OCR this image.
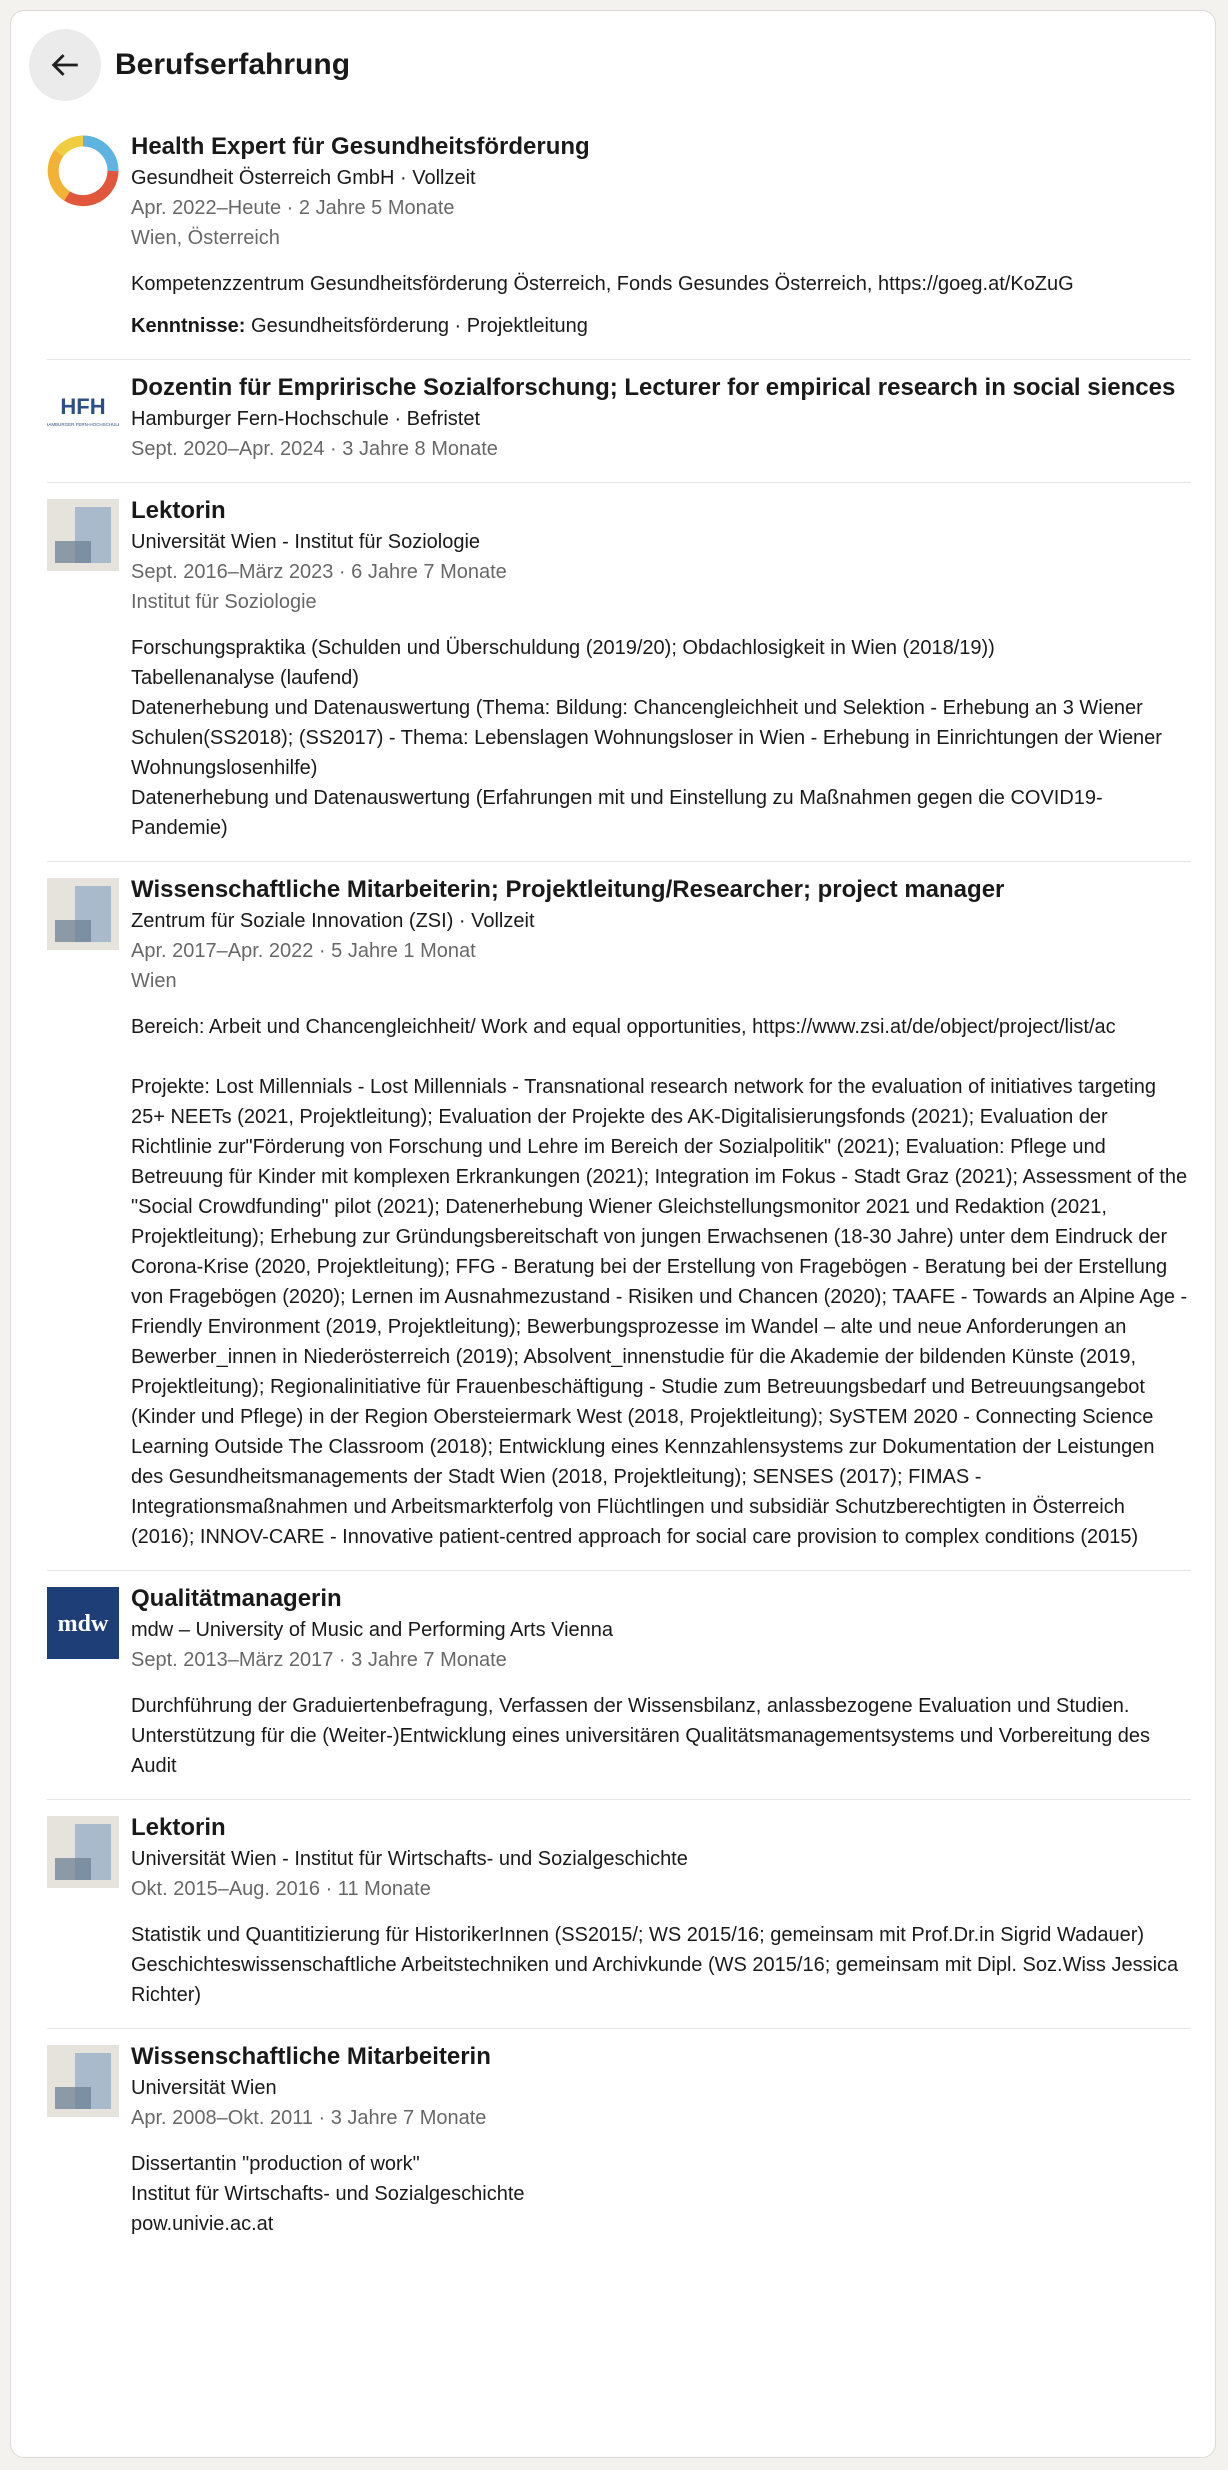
Berufserfahrung
Health Expert für Gesundheitsförderung
Gesundheit Österreich GmbH · Vollzeit
Apr. 2022–Heute · 2 Jahre 5 Monate
Wien, Österreich
Kompetenzzentrum Gesundheitsförderung Österreich, Fonds Gesundes Österreich, https://goeg.at/KoZuG
Kenntnisse: Gesundheitsförderung · Projektleitung
HFH
HAMBURGER FERN-HOCHSCHULE
Dozentin für Emprirische Sozialforschung; Lecturer for empirical research in social siences
Hamburger Fern-Hochschule · Befristet
Sept. 2020–Apr. 2024 · 3 Jahre 8 Monate
Lektorin
Universität Wien - Institut für Soziologie
Sept. 2016–März 2023 · 6 Jahre 7 Monate
Institut für Soziologie
Forschungspraktika (Schulden und Überschuldung (2019/20); Obdachlosigkeit in Wien (2018/19))
Tabellenanalyse (laufend)
Datenerhebung und Datenauswertung (Thema: Bildung: Chancengleichheit und Selektion - Erhebung an 3 Wiener Schulen(SS2018); (SS2017) - Thema: Lebenslagen Wohnungsloser in Wien - Erhebung in Einrichtungen der Wiener Wohnungslosenhilfe)
Datenerhebung und Datenauswertung (Erfahrungen mit und Einstellung zu Maßnahmen gegen die COVID19-Pandemie)
Wissenschaftliche Mitarbeiterin; Projektleitung/Researcher; project manager
Zentrum für Soziale Innovation (ZSI) · Vollzeit
Apr. 2017–Apr. 2022 · 5 Jahre 1 Monat
Wien
Bereich: Arbeit und Chancengleichheit/ Work and equal opportunities, https://www.zsi.at/de/object/project/list/ac

Projekte: Lost Millennials - Lost Millennials - Transnational research network for the evaluation of initiatives targeting 25+ NEETs (2021, Projektleitung); Evaluation der Projekte des AK-Digitalisierungsfonds (2021); Evaluation der Richtlinie zur"Förderung von Forschung und Lehre im Bereich der Sozialpolitik" (2021); Evaluation: Pflege und Betreuung für Kinder mit komplexen Erkrankungen (2021); Integration im Fokus - Stadt Graz (2021); Assessment of the "Social Crowdfunding" pilot (2021); Datenerhebung Wiener Gleichstellungsmonitor 2021 und Redaktion (2021, Projektleitung); Erhebung zur Gründungsbereitschaft von jungen Erwachsenen (18-30 Jahre) unter dem Eindruck der Corona-Krise (2020, Projektleitung); FFG - Beratung bei der Erstellung von Fragebögen - Beratung bei der Erstellung von Fragebögen (2020); Lernen im Ausnahmezustand - Risiken und Chancen (2020); TAAFE - Towards an Alpine Age - Friendly Environment (2019, Projektleitung); Bewerbungsprozesse im Wandel – alte und neue Anforderungen an Bewerber_innen in Niederösterreich (2019); Absolvent_innenstudie für die Akademie der bildenden Künste (2019, Projektleitung); Regionalinitiative für Frauenbeschäftigung - Studie zum Betreuungsbedarf und Betreuungsangebot (Kinder und Pflege) in der Region Obersteiermark West (2018, Projektleitung); SySTEM 2020 - Connecting Science Learning Outside The Classroom (2018); Entwicklung eines Kennzahlensystems zur Dokumentation der Leistungen des Gesundheitsmanagements der Stadt Wien (2018, Projektleitung); SENSES (2017); FIMAS - Integrationsmaßnahmen und Arbeitsmarkterfolg von Flüchtlingen und subsidiär Schutzberechtigten in Österreich (2016); INNOV-CARE - Innovative patient-centred approach for social care provision to complex conditions (2015)
mdw
Qualitätmanagerin
mdw – University of Music and Performing Arts Vienna
Sept. 2013–März 2017 · 3 Jahre 7 Monate
Durchführung der Graduiertenbefragung, Verfassen der Wissensbilanz, anlassbezogene Evaluation und Studien. Unterstützung für die (Weiter-)Entwicklung eines universitären Qualitätsmanagementsystems und Vorbereitung des Audit
Lektorin
Universität Wien - Institut für Wirtschafts- und Sozialgeschichte
Okt. 2015–Aug. 2016 · 11 Monate
Statistik und Quantitizierung für HistorikerInnen (SS2015/; WS 2015/16; gemeinsam mit Prof.Dr.in Sigrid Wadauer)
Geschichteswissenschaftliche Arbeitstechniken und Archivkunde (WS 2015/16; gemeinsam mit Dipl. Soz.Wiss Jessica Richter)
Wissenschaftliche Mitarbeiterin
Universität Wien
Apr. 2008–Okt. 2011 · 3 Jahre 7 Monate
Dissertantin "production of work"
Institut für Wirtschafts- und Sozialgeschichte
pow.univie.ac.at
